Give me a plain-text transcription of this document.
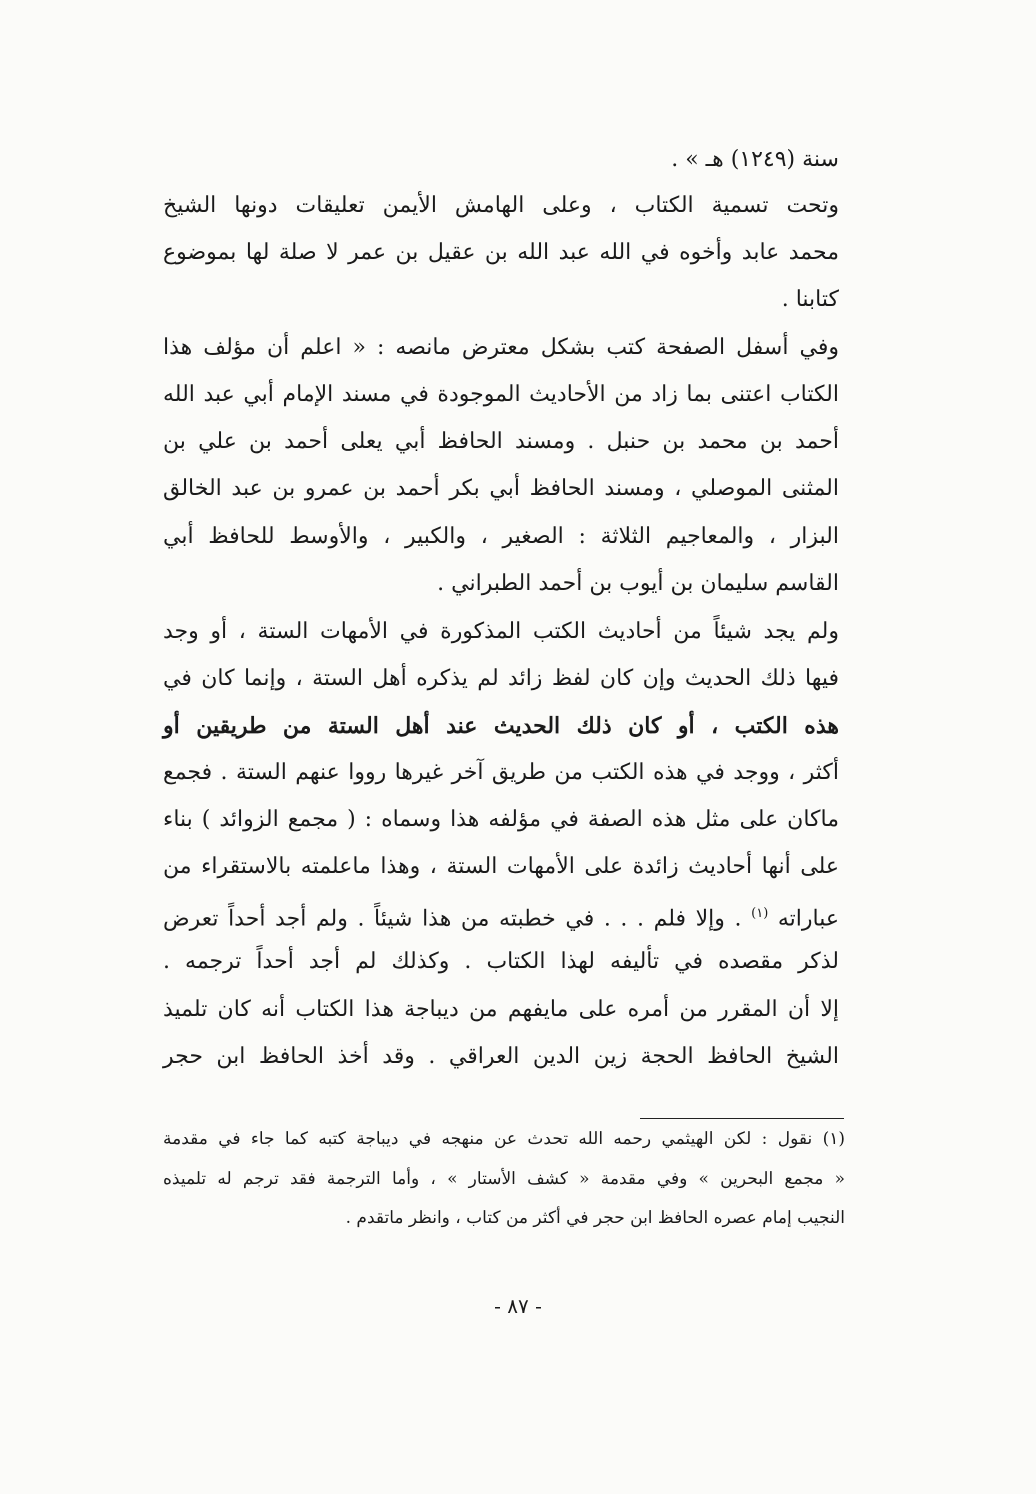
سنة (١٢٤٩) هـ » .
وتحت تسمية الكتاب ، وعلى الهامش الأيمن تعليقات دونها الشيخ
محمد عابد وأخوه في الله عبد الله بن عقيل بن عمر لا صلة لها بموضوع
كتابنا .
وفي أسفل الصفحة كتب بشكل معترض مانصه : « اعلم أن مؤلف هذا
الكتاب اعتنى بما زاد من الأحاديث الموجودة في مسند الإمام أبي عبد الله
أحمد بن محمد بن حنبل . ومسند الحافظ أبي يعلى أحمد بن علي بن
المثنى الموصلي ، ومسند الحافظ أبي بكر أحمد بن عمرو بن عبد الخالق
البزار ، والمعاجيم الثلاثة : الصغير ، والكبير ، والأوسط للحافظ أبي
القاسم سليمان بن أيوب بن أحمد الطبراني .
ولم يجد شيئاً من أحاديث الكتب المذكورة في الأمهات الستة ، أو وجد
فيها ذلك الحديث وإن كان لفظ زائد لم يذكره أهل الستة ، وإنما كان في
هذه الكتب ، أو كان ذلك الحديث عند أهل الستة من طريقين أو
أكثر ، ووجد في هذه الكتب من طريق آخر غيرها رووا عنهم الستة . فجمع
ماكان على مثل هذه الصفة في مؤلفه هذا وسماه : ( مجمع الزوائد ) بناء
على أنها أحاديث زائدة على الأمهات الستة ، وهذا ماعلمته بالاستقراء من
عباراته $^{(١)}$ . وإلا فلم . . . في خطبته من هذا شيئاً . ولم أجد أحداً تعرض
لذكر مقصده في تأليفه لهذا الكتاب . وكذلك لم أجد أحداً ترجمه .
إلا أن المقرر من أمره على مايفهم من ديباجة هذا الكتاب أنه كان تلميذ
الشيخ الحافظ الحجة زين الدين العراقي . وقد أخذ الحافظ ابن حجر
(١) نقول : لكن الهيثمي رحمه الله تحدث عن منهجه في ديباجة كتبه كما جاء في مقدمة
« مجمع البحرين » وفي مقدمة « كشف الأستار » ، وأما الترجمة فقد ترجم له تلميذه
النجيب إمام عصره الحافظ ابن حجر في أكثر من كتاب ، وانظر ماتقدم .
- ٨٧ -
